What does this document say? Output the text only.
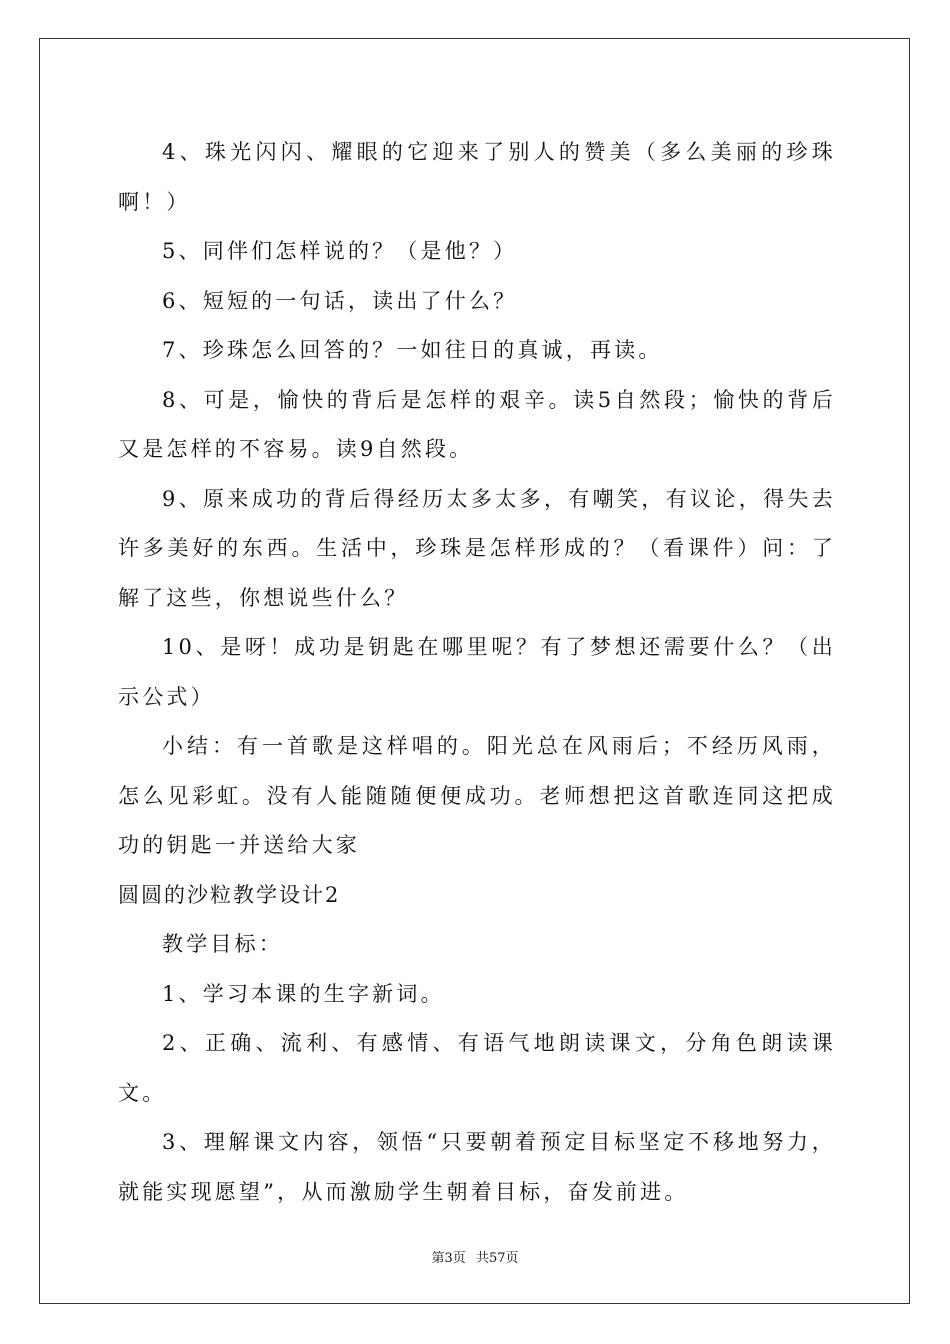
4、珠光闪闪、耀眼的它迎来了别人的赞美（多么美丽的珍珠啊！）

5、同伴们怎样说的？（是他？）

6、短短的一句话，读出了什么？

7、珍珠怎么回答的？一如往日的真诚，再读。

8、可是，愉快的背后是怎样的艰辛。读5自然段；愉快的背后又是怎样的不容易。读9自然段。

9、原来成功的背后得经历太多太多，有嘲笑，有议论，得失去许多美好的东西。生活中，珍珠是怎样形成的？（看课件）问：了解了这些，你想说些什么？

10、是呀！成功是钥匙在哪里呢？有了梦想还需要什么？（出示公式）

小结：有一首歌是这样唱的。阳光总在风雨后；不经历风雨，怎么见彩虹。没有人能随随便便成功。老师想把这首歌连同这把成功的钥匙一并送给大家

圆圆的沙粒教学设计2

教学目标：

1、学习本课的生字新词。

2、正确、流利、有感情、有语气地朗读课文，分角色朗读课文。

3、理解课文内容，领悟“只要朝着预定目标坚定不移地努力，就能实现愿望”，从而激励学生朝着目标，奋发前进。

第3页 共57页
